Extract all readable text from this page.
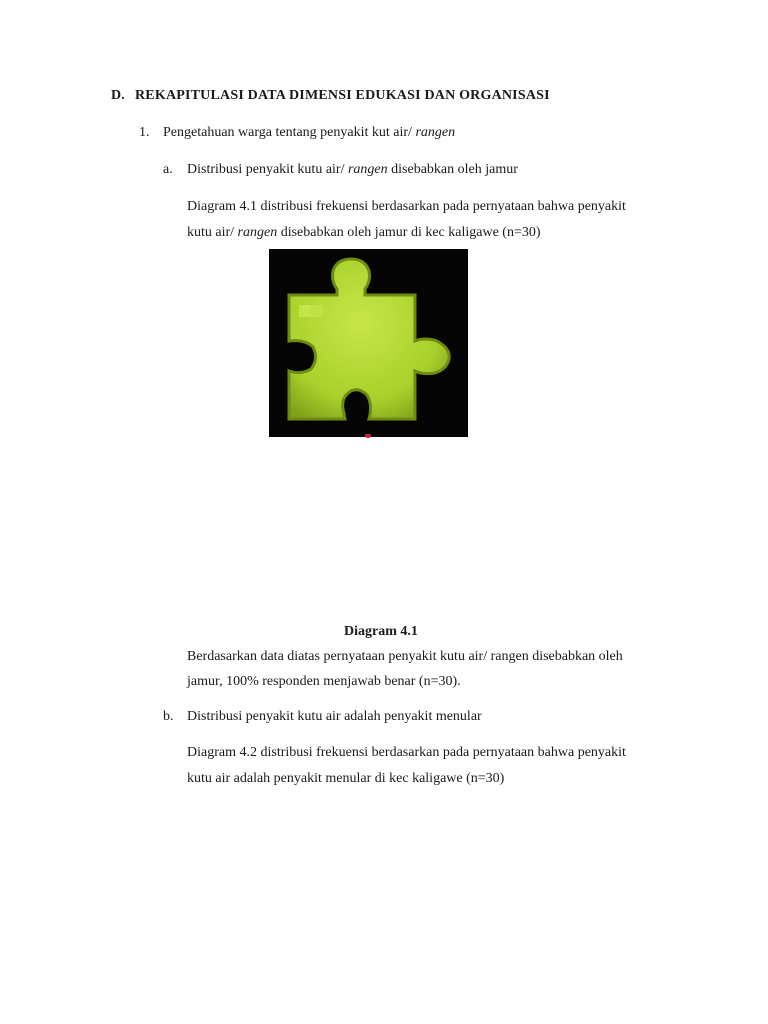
D. REKAPITULASI DATA DIMENSI EDUKASI DAN ORGANISASI
1. Pengetahuan warga tentang penyakit kut air/ rangen
a. Distribusi penyakit kutu air/ rangen disebabkan oleh jamur
Diagram 4.1 distribusi frekuensi berdasarkan pada pernyataan bahwa penyakit
kutu air/ rangen disebabkan oleh jamur di kec kaligawe (n=30)
Diagram 4.1
Berdasarkan data diatas pernyataan penyakit kutu air/ rangen disebabkan oleh
jamur, 100% responden menjawab benar (n=30).
b. Distribusi penyakit kutu air adalah penyakit menular
Diagram 4.2 distribusi frekuensi berdasarkan pada pernyataan bahwa penyakit
kutu air adalah penyakit menular di kec kaligawe (n=30)
